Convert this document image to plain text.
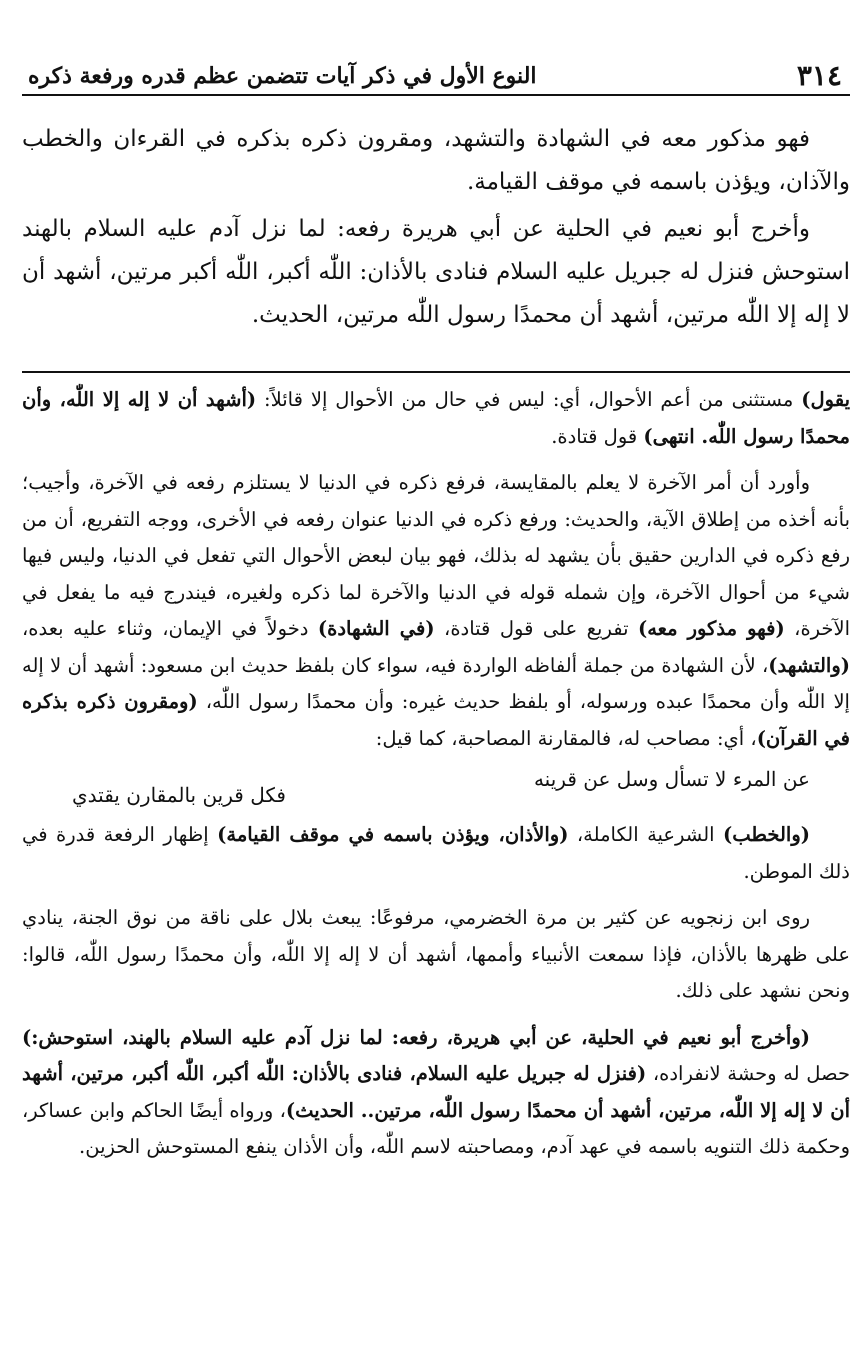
٣١٤
النوع الأول في ذكر آيات تتضمن عظم قدره ورفعة ذكره

فهو مذكور معه في الشهادة والتشهد، ومقرون ذكره بذكره في القرءان والخطب والآذان، ويؤذن باسمه في موقف القيامة.

وأخرج أبو نعيم في الحلية عن أبي هريرة رفعه: لما نزل آدم عليه السلام بالهند استوحش فنزل له جبريل عليه السلام فنادى بالأذان: اللّٰه أكبر، اللّٰه أكبر مرتين، أشهد أن لا إله إلا اللّٰه مرتين، أشهد أن محمدًا رسول اللّٰه مرتين، الحديث.

يقول) مستثنى من أعم الأحوال، أي: ليس في حال من الأحوال إلا قائلاً: (أشهد أن لا إله إلا اللّٰه، وأن محمدًا رسول اللّٰه. انتهى) قول قتادة.

وأورد أن أمر الآخرة لا يعلم بالمقايسة، فرفع ذكره في الدنيا لا يستلزم رفعه في الآخرة، وأجيب؛ بأنه أخذه من إطلاق الآية، والحديث: ورفع ذكره في الدنيا عنوان رفعه في الأخرى، ووجه التفريع، أن من رفع ذكره في الدارين حقيق بأن يشهد له بذلك، فهو بيان لبعض الأحوال التي تفعل في الدنيا، وليس فيها شيء من أحوال الآخرة، وإن شمله قوله في الدنيا والآخرة لما ذكره ولغيره، فيندرج فيه ما يفعل في الآخرة، (فهو مذكور معه) تفريع على قول قتادة، (في الشهادة) دخولاً في الإيمان، وثناء عليه بعده، (والتشهد)، لأن الشهادة من جملة ألفاظه الواردة فيه، سواء كان بلفظ حديث ابن مسعود: أشهد أن لا إله إلا اللّٰه وأن محمدًا عبده ورسوله، أو بلفظ حديث غيره: وأن محمدًا رسول اللّٰه، (ومقرون ذكره بذكره في القرآن)، أي: مصاحب له، فالمقارنة المصاحبة، كما قيل:

عن المرء لا تسأل وسل عن قرينه
فكل قرين بالمقارن يقتدي

(والخطب) الشرعية الكاملة، (والأذان، ويؤذن باسمه في موقف القيامة) إظهار الرفعة قدرة في ذلك الموطن.

روى ابن زنجويه عن كثير بن مرة الخضرمي، مرفوعًا: يبعث بلال على ناقة من نوق الجنة، ينادي على ظهرها بالأذان، فإذا سمعت الأنبياء وأممها، أشهد أن لا إله إلا اللّٰه، وأن محمدًا رسول اللّٰه، قالوا: ونحن نشهد على ذلك.

(وأخرج أبو نعيم في الحلية، عن أبي هريرة، رفعه: لما نزل آدم عليه السلام بالهند، استوحش:) حصل له وحشة لانفراده، (فنزل له جبريل عليه السلام، فنادى بالأذان: اللّٰه أكبر، اللّٰه أكبر، مرتين، أشهد أن لا إله إلا اللّٰه، مرتين، أشهد أن محمدًا رسول اللّٰه، مرتين.. الحديث)، ورواه أيضًا الحاكم وابن عساكر، وحكمة ذلك التنويه باسمه في عهد آدم، ومصاحبته لاسم اللّٰه، وأن الأذان ينفع المستوحش الحزين.
